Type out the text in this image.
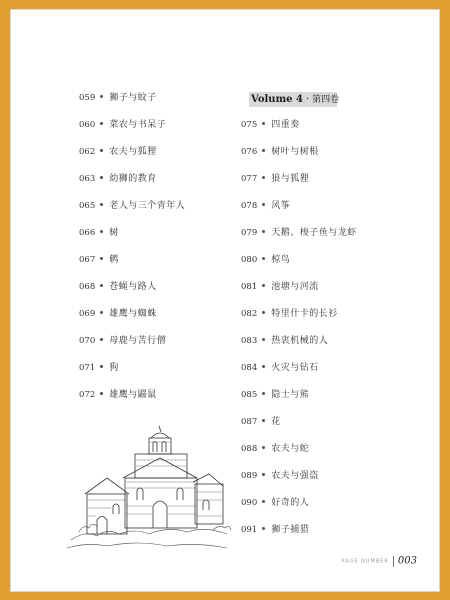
059 狮子与蚊子
060 菜农与书呆子
062 农夫与狐狸
063 幼狮的教育
065 老人与三个青年人
066 树
067 鹌
068 苍蝇与路人
069 雄鹰与蜘蛛
070 母鹿与苦行僧
071 狗
072 雄鹰与鼹鼠
Volume 4 · 第四卷
075 四重奏
076 树叶与树根
077 狼与狐狸
078 风筝
079 天鹅、梭子鱼与龙虾
080 椋鸟
081 池塘与河流
082 特里什卡的长衫
083 热衷机械的人
084 火灾与钻石
085 隐士与熊
087 花
088 农夫与蛇
089 农夫与强盗
090 好奇的人
091 狮子捕猎
PAGE NUMBER 003
